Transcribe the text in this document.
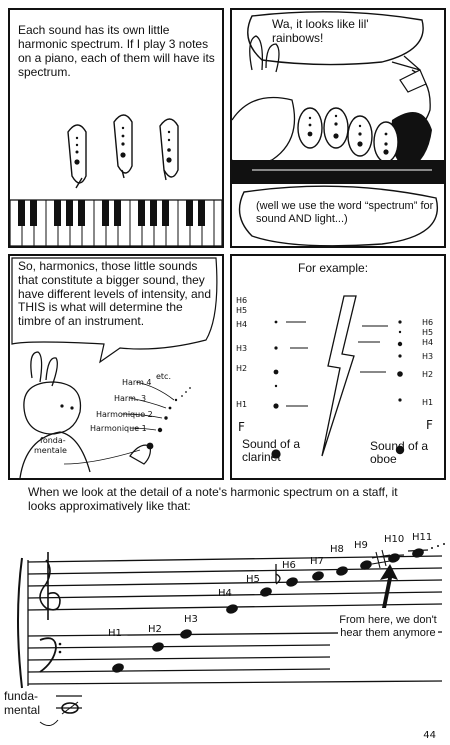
Each sound has its own little harmonic spectrum. If I play 3 notes on a piano, each of them will have its spectrum.
Wa, it looks like lil' rainbows!
(well we use the word “spectrum” for sound AND light...)
So, harmonics, those little sounds that constitute a bigger sound, they have different levels of intensity, and THIS is what will determine the timbre of an instrument.
etc.
Harm.4
Harm. 3
Harmonique 2
Harmonique 1
fonda-
mentale
For example:
H6
H5
H4
H3
H2
H1
H6
H5
H4
H3
H2
H1
F	F
Sound of a clarinet
Sound of a oboe
When we look at the detail of a note's harmonic spectrum on a staff, it looks approximatively like that:
H1	H2
H3
H4
H5
H6 H7
H8 H9
H10 H11
From here, we don't hear them anymore
funda-
mental
44
